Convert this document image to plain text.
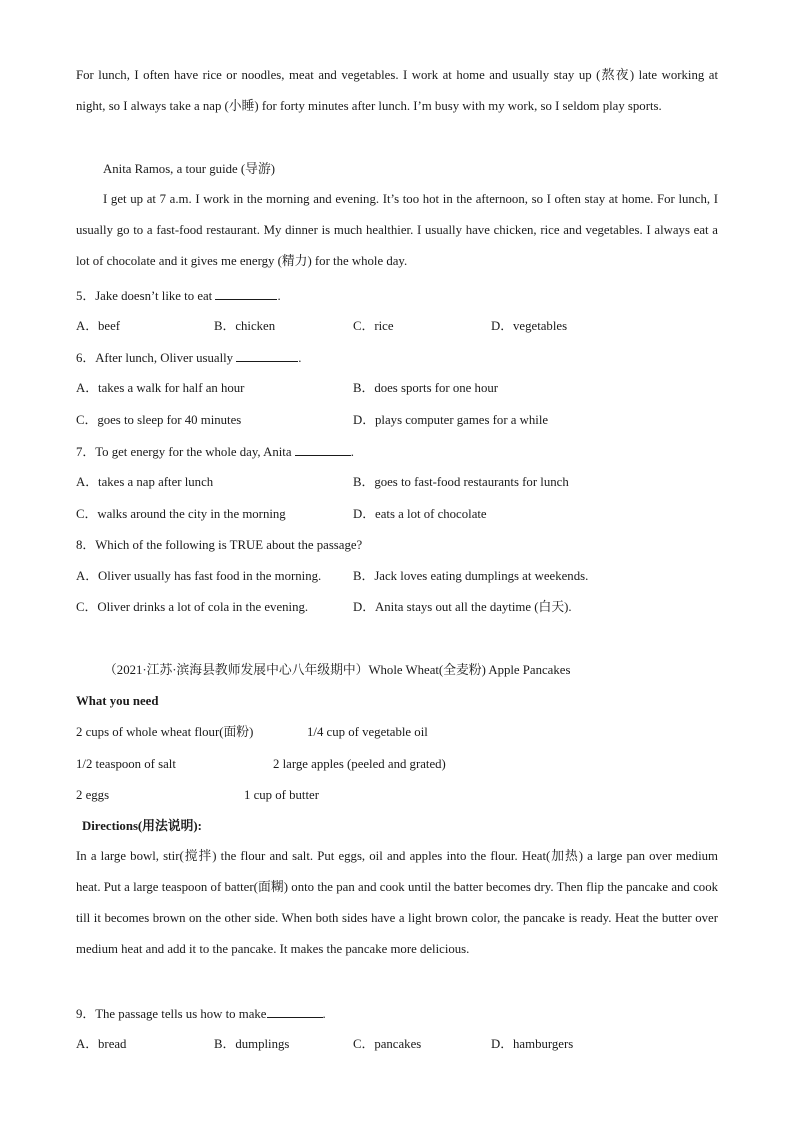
For lunch, I often have rice or noodles, meat and vegetables. I work at home and usually stay up (熬夜) late working at night, so I always take a nap (小睡) for forty minutes after lunch. I’m busy with my work, so I seldom play sports.
Anita Ramos, a tour guide (导游)
I get up at 7 a.m. I work in the morning and evening. It’s too hot in the afternoon, so I often stay at home. For lunch, I usually go to a fast-food restaurant. My dinner is much healthier. I usually have chicken, rice and vegetables. I always eat a lot of chocolate and it gives me energy (精力) for the whole day.
5．Jake doesn’t like to eat	.
A．beef	B．chicken	C．rice	D．vegetables
6．After lunch, Oliver usually	.
A．takes a walk for half an hour	B．does sports for one hour
C．goes to sleep for 40 minutes	D．plays computer games for a while
7．To get energy for the whole day, Anita	.
A．takes a nap after lunch	B．goes to fast-food restaurants for lunch
C．walks around the city in the morning	D．eats a lot of chocolate
8．Which of the following is TRUE about the passage?
A．Oliver usually has fast food in the morning. B．Jack loves eating dumplings at weekends.
C．Oliver drinks a lot of cola in the evening.	D．Anita stays out all the daytime (白天).
（2021·江苏·滨海县教师发展中心八年级期中）Whole Wheat(全麦粉) Apple Pancakes
What you need
2 cups of whole wheat flour(面粉)	1/4 cup of vegetable oil
1/2 teaspoon of salt	2 large apples (peeled and grated)
2 eggs	1 cup of butter
Directions(用法说明):
In a large bowl, stir(搅拌) the flour and salt. Put eggs, oil and apples into the flour. Heat(加热) a large pan over medium heat. Put a large teaspoon of batter(面糊) onto the pan and cook until the batter becomes dry. Then flip the pancake and cook till it becomes brown on the other side. When both sides have a light brown color, the pancake is ready. Heat the butter over medium heat and add it to the pancake. It makes the pancake more delicious.
9．The passage tells us how to make	.
A．bread	B．dumplings	C．pancakes	D．hamburgers
